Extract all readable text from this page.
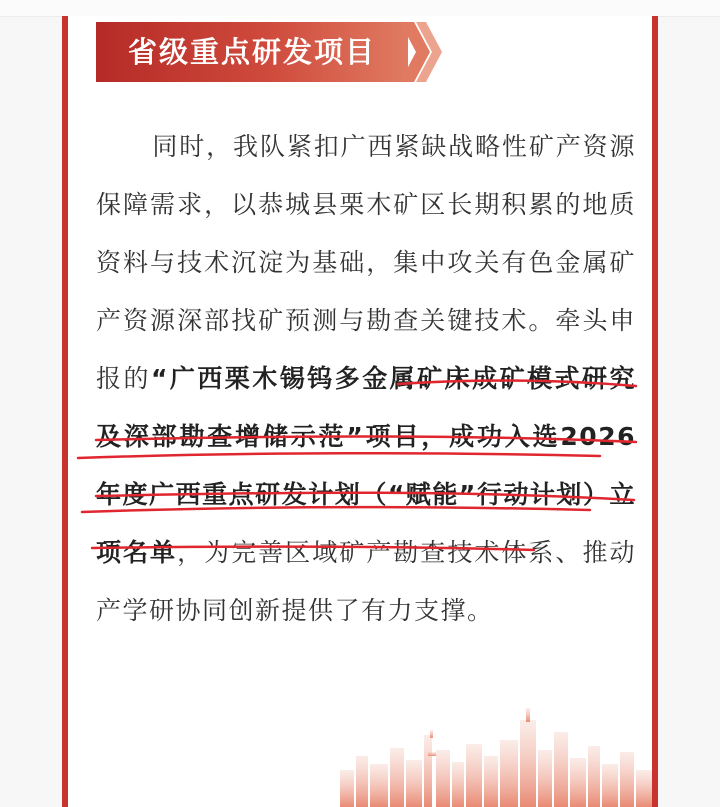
省级重点研发项目

同时，我队紧扣广西紧缺战略性矿产资源保障需求，以恭城县栗木矿区长期积累的地质资料与技术沉淀为基础，集中攻关有色金属矿产资源深部找矿预测与勘查关键技术。牵头申报的“广西栗木锡钨多金属矿床成矿模式研究及深部勘查增储示范”项目，成功入选2026年度广西重点研发计划（“赋能”行动计划）立项名单，为完善区域矿产勘查技术体系、推动产学研协同创新提供了有力支撑。
